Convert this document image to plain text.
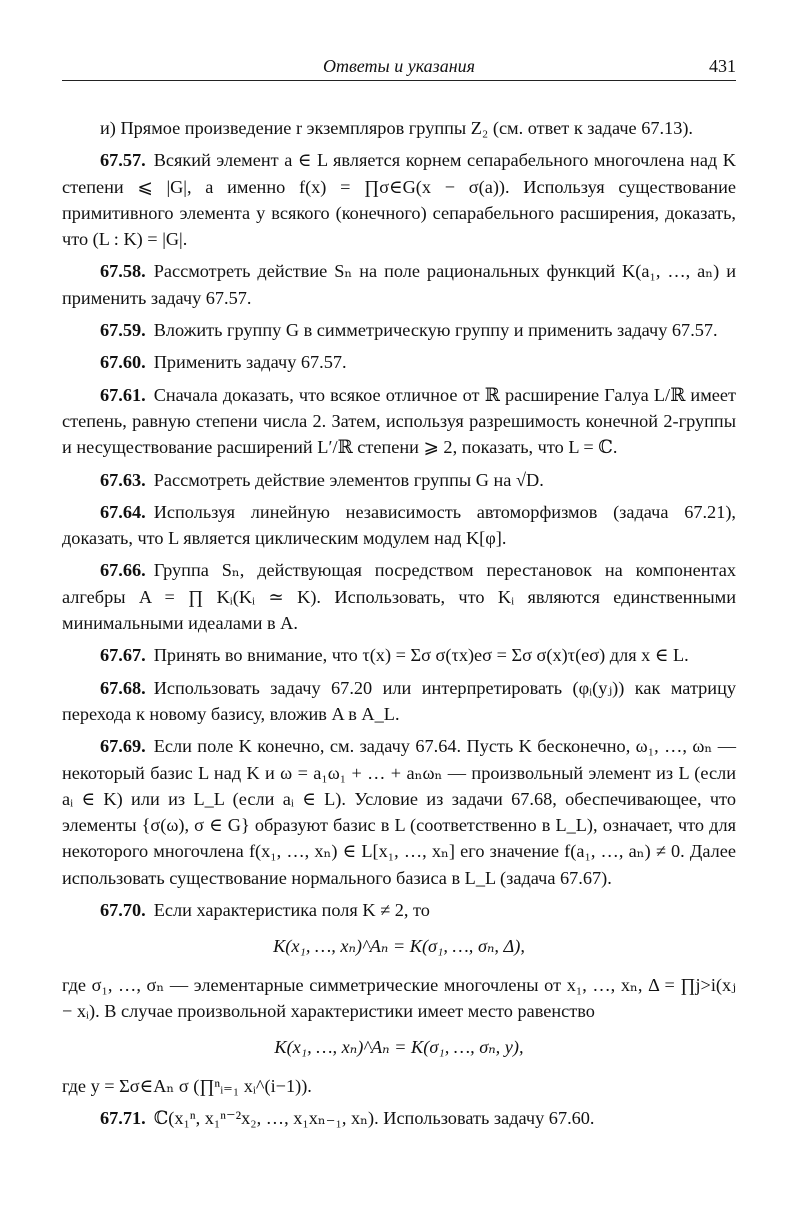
Ответы и указания	431

и) Прямое произведение r экземпляров группы Z₂ (см. ответ к задаче 67.13).

67.57. Всякий элемент a ∈ L является корнем сепарабельного многочлена над K степени ⩽ |G|, а именно f(x) = ∏σ∈G(x − σ(a)). Используя существование примитивного элемента у всякого (конечного) сепарабельного расширения, доказать, что (L : K) = |G|.

67.58. Рассмотреть действие Sₙ на поле рациональных функций K(a₁, …, aₙ) и применить задачу 67.57.

67.59. Вложить группу G в симметрическую группу и применить задачу 67.57.

67.60. Применить задачу 67.57.

67.61. Сначала доказать, что всякое отличное от ℝ расширение Галуа L/ℝ имеет степень, равную степени числа 2. Затем, используя разрешимость конечной 2-группы и несуществование расширений L′/ℝ степени ⩾ 2, показать, что L = ℂ.

67.63. Рассмотреть действие элементов группы G на √D.

67.64. Используя линейную независимость автоморфизмов (задача 67.21), доказать, что L является циклическим модулем над K[φ].

67.66. Группа Sₙ, действующая посредством перестановок на компонентах алгебры A = ∏ Kᵢ(Kᵢ ≃ K). Использовать, что Kᵢ являются единственными минимальными идеалами в A.

67.67. Принять во внимание, что τ(x) = Σσ σ(τx)eσ = Σσ σ(x)τ(eσ) для x ∈ L.

67.68. Использовать задачу 67.20 или интерпретировать (φᵢ(yⱼ)) как матрицу перехода к новому базису, вложив A в A_L.

67.69. Если поле K конечно, см. задачу 67.64. Пусть K бесконечно, ω₁, …, ωₙ — некоторый базис L над K и ω = a₁ω₁ + … + aₙωₙ — произвольный элемент из L (если aᵢ ∈ K) или из L_L (если aᵢ ∈ L). Условие из задачи 67.68, обеспечивающее, что элементы {σ(ω), σ ∈ G} образуют базис в L (соответственно в L_L), означает, что для некоторого многочлена f(x₁, …, xₙ) ∈ L[x₁, …, xₙ] его значение f(a₁, …, aₙ) ≠ 0. Далее использовать существование нормального базиса в L_L (задача 67.67).

67.70. Если характеристика поля K ≠ 2, то

K(x₁, …, xₙ)^Aₙ = K(σ₁, …, σₙ, Δ),

где σ₁, …, σₙ — элементарные симметрические многочлены от x₁, …, xₙ, Δ = ∏j>i(xⱼ − xᵢ). В случае произвольной характеристики имеет место равенство

K(x₁, …, xₙ)^Aₙ = K(σ₁, …, σₙ, y),

где y = Σσ∈Aₙ σ (∏ⁿᵢ₌₁ xᵢ^(i−1)).

67.71. ℂ(x₁ⁿ, x₁ⁿ⁻²x₂, …, x₁xₙ₋₁, xₙ). Использовать задачу 67.60.
